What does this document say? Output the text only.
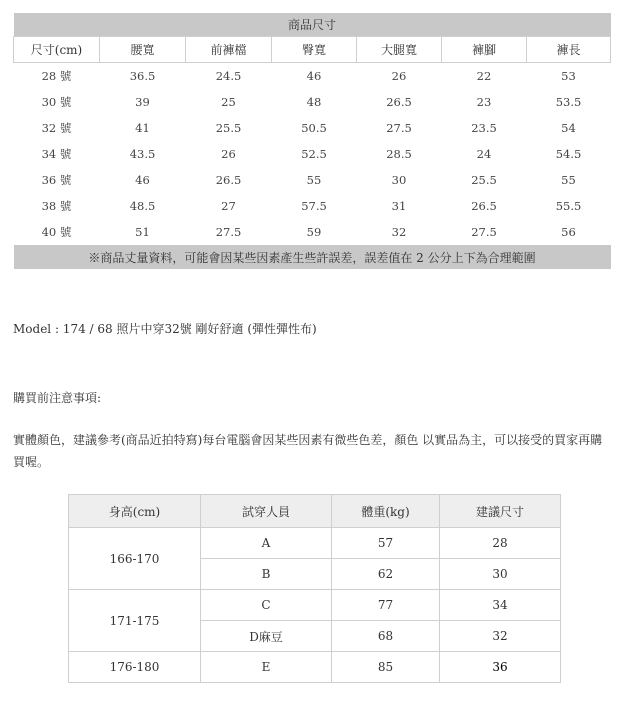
商品尺寸						
尺寸(cm)	腰寬	前褲檔	臀寬	大腿寬	褲腳	褲長
28 號	36.5	24.5	46	26	22	53
30 號	39	25	48	26.5	23	53.5
32 號	41	25.5	50.5	27.5	23.5	54
34 號	43.5	26	52.5	28.5	24	54.5
36 號	46	26.5	55	30	25.5	55
38 號	48.5	27	57.5	31	26.5	55.5
40 號	51	27.5	59	32	27.5	56
※商品丈量資料，可能會因某些因素產生些許誤差，誤差值在 2 公分上下為合理範圍						
Model : 174 / 68 照片中穿32號 剛好舒適 (彈性彈性布)
購買前注意事項:
實體顏色，建議參考(商品近拍特寫)每台電腦會因某些因素有微些色差，顏色 以實品為主，可以接受的買家再購買喔。
身高(cm)	試穿人員	體重(kg)	建議尺寸
166-170	A	57	28
	B	62	30
171-175	C	77	34
	D麻豆	68	32
176-180	E	85	36
